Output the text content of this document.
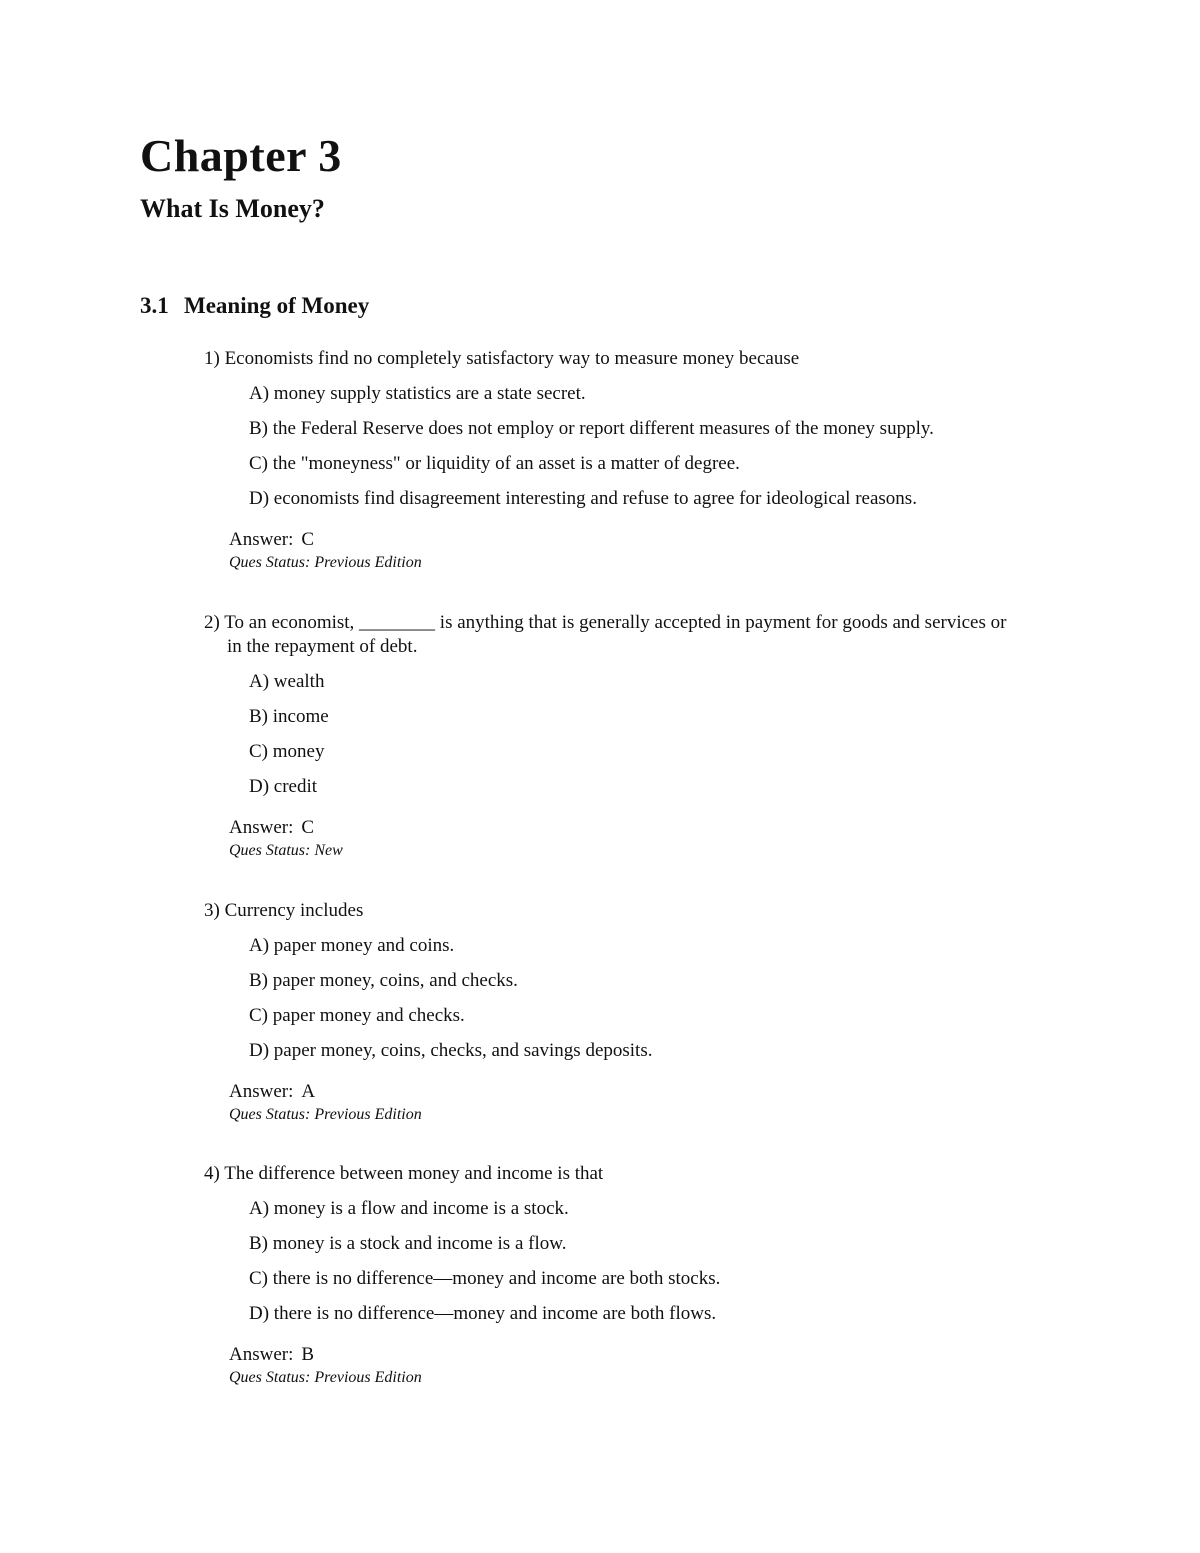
Chapter 3
What Is Money?
3.1 Meaning of Money

1) Economists find no completely satisfactory way to measure money because

A) money supply statistics are a state secret.
B) the Federal Reserve does not employ or report different measures of the money supply.
C) the "moneyness" or liquidity of an asset is a matter of degree.
D) economists find disagreement interesting and refuse to agree for ideological reasons.
Answer: C
Ques Status: Previous Edition

2) To an economist, ________ is anything that is generally accepted in payment for goods and services or in the repayment of debt.

A) wealth
B) income
C) money
D) credit
Answer: C
Ques Status: New

3) Currency includes

A) paper money and coins.
B) paper money, coins, and checks.
C) paper money and checks.
D) paper money, coins, checks, and savings deposits.
Answer: A
Ques Status: Previous Edition

4) The difference between money and income is that

A) money is a flow and income is a stock.
B) money is a stock and income is a flow.
C) there is no difference—money and income are both stocks.
D) there is no difference—money and income are both flows.
Answer: B
Ques Status: Previous Edition
